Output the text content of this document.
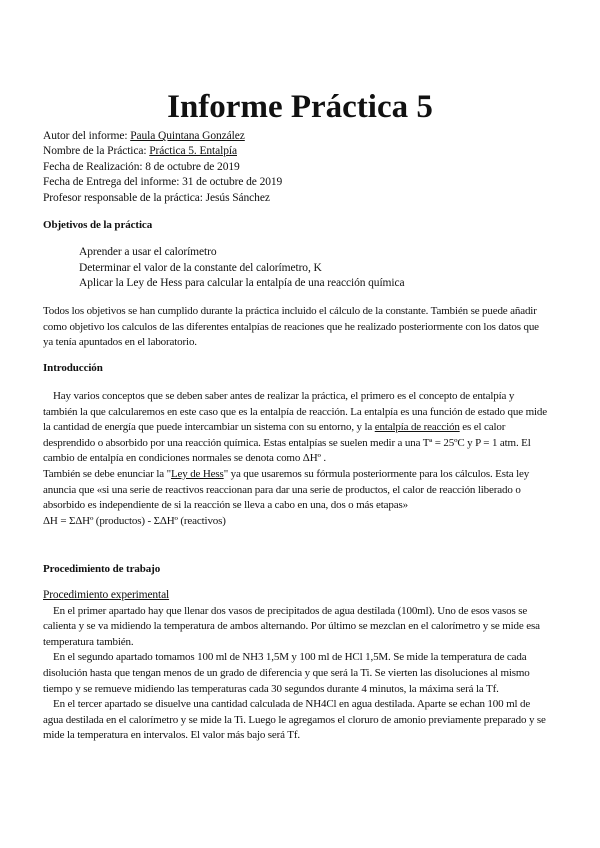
Informe Práctica 5
Autor del informe: Paula Quintana González
Nombre de la Práctica: Práctica 5. Entalpía
Fecha de Realización: 8 de octubre de 2019
Fecha de Entrega del informe: 31 de octubre de 2019
Profesor responsable de la práctica: Jesús Sánchez
Objetivos de la práctica
Aprender a usar el calorímetro
Determinar el valor de la constante del calorímetro, K
Aplicar la Ley de Hess para calcular la entalpía de una reacción química

Todos los objetivos se han cumplido durante la práctica incluido el cálculo de la constante. También se puede añadir como objetivo los calculos de las diferentes entalpías de reaciones que he realizado posteriormente con los datos que ya tenía apuntados en el laboratorio.

Introducción

Hay varios conceptos que se deben saber antes de realizar la práctica, el primero es el concepto de entalpía y también la que calcularemos en este caso que es la entalpía de reacción. La entalpía es una función de estado que mide la cantidad de energía que puede intercambiar un sistema con su entorno, y la entalpía de reacción es el calor desprendido o absorbido por una reacción química. Estas entalpías se suelen medir a una Tª = 25ºC y P = 1 atm. El cambio de entalpía en condiciones normales se denota como ΔHº .

También se debe enunciar la "Ley de Hess" ya que usaremos su fórmula posteriormente para los cálculos. Esta ley anuncia que «si una serie de reactivos reaccionan para dar una serie de productos, el calor de reacción liberado o absorbido es independiente de si la reacción se lleva a cabo en una, dos o más etapas»

ΔH = ΣΔHº (productos) - ΣΔHº (reactivos)

Procedimiento de trabajo

Procedimiento experimental

En el primer apartado hay que llenar dos vasos de precipitados de agua destilada (100ml). Uno de esos vasos se calienta y se va midiendo la temperatura de ambos alternando. Por último se mezclan en el calorímetro y se mide esa temperatura también.

En el segundo apartado tomamos 100 ml de NH3 1,5M y 100 ml de HCl 1,5M. Se mide la temperatura de cada disolución hasta que tengan menos de un grado de diferencia y que será la Ti. Se vierten las disoluciones al mismo tiempo y se remueve midiendo las temperaturas cada 30 segundos durante 4 minutos, la máxima será la Tf.

En el tercer apartado se disuelve una cantidad calculada de NH4Cl en agua destilada. Aparte se echan 100 ml de agua destilada en el calorímetro y se mide la Ti. Luego le agregamos el cloruro de amonio previamente preparado y se mide la temperatura en intervalos. El valor más bajo será Tf.
